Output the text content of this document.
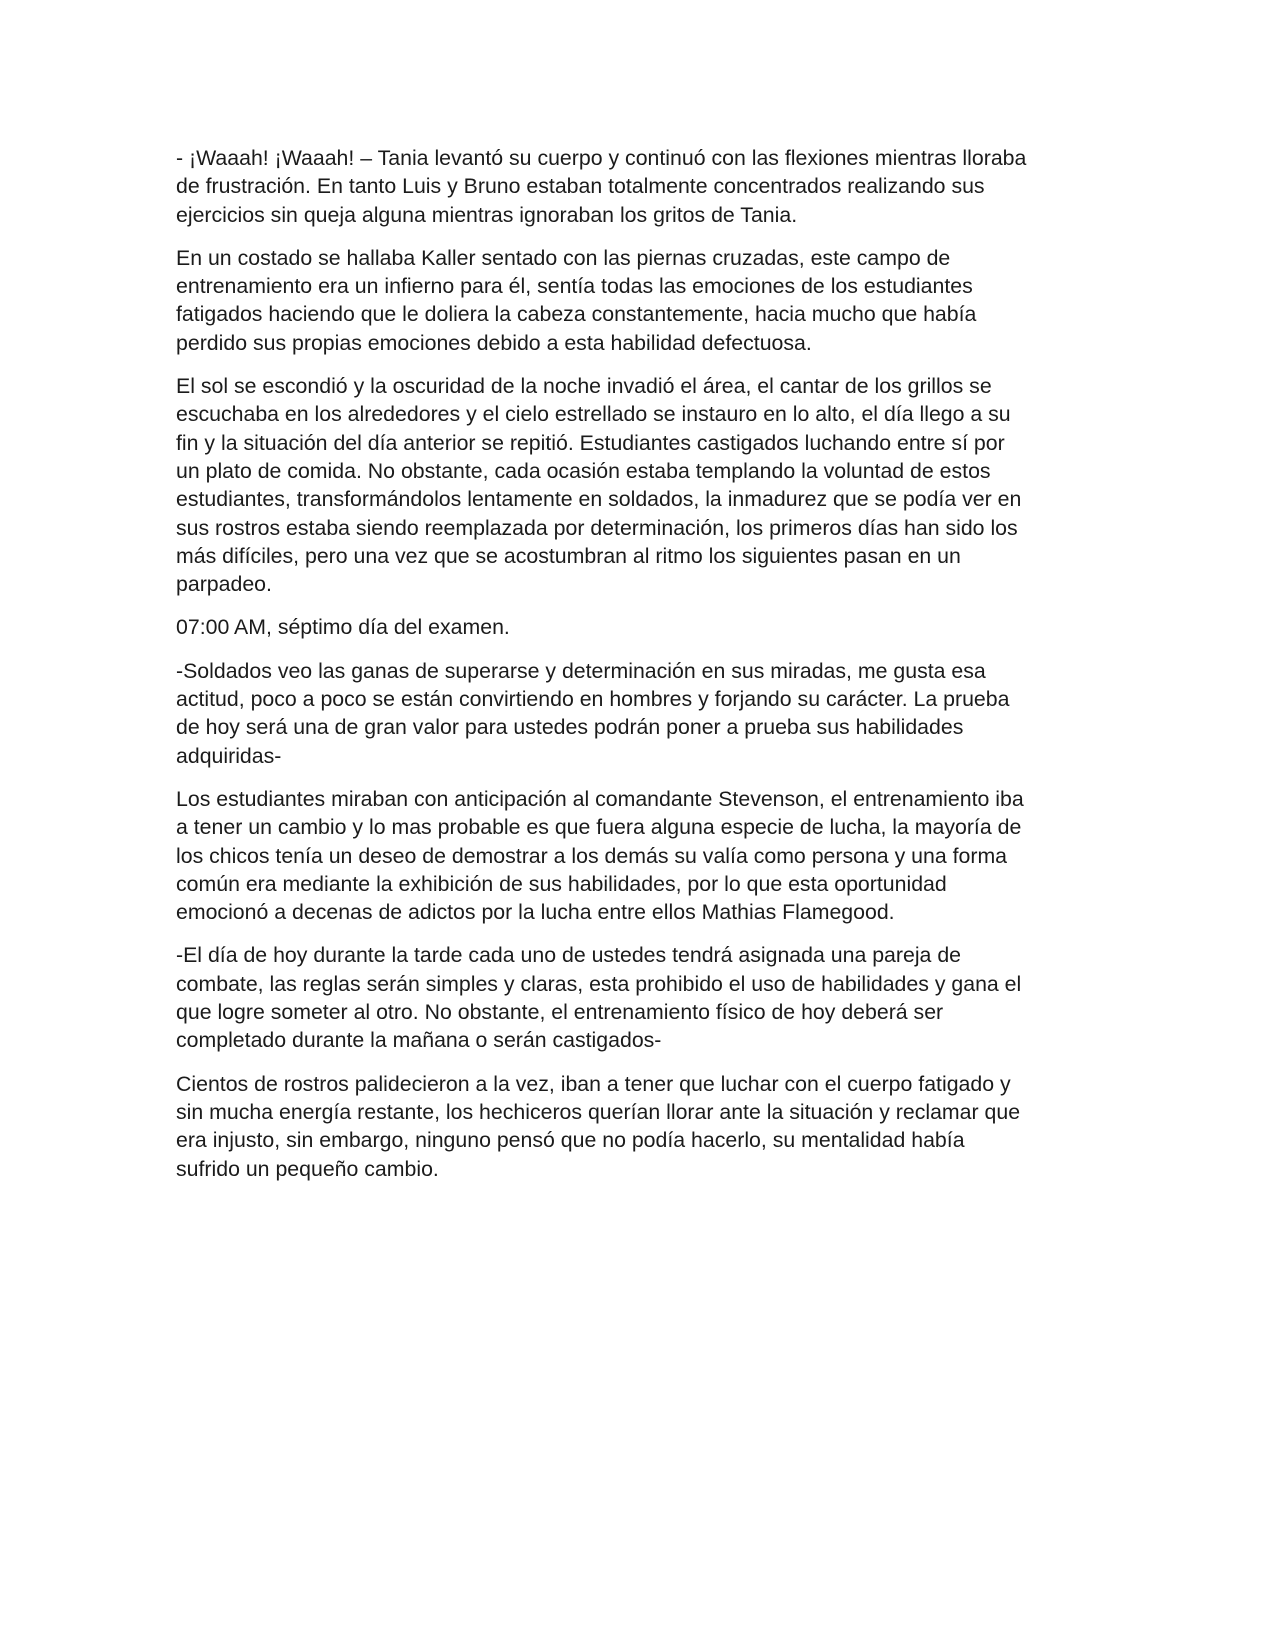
- ¡Waaah! ¡Waaah! – Tania levantó su cuerpo y continuó con las flexiones mientras lloraba
de frustración. En tanto Luis y Bruno estaban totalmente concentrados realizando sus
ejercicios sin queja alguna mientras ignoraban los gritos de Tania.

En un costado se hallaba Kaller sentado con las piernas cruzadas, este campo de
entrenamiento era un infierno para él, sentía todas las emociones de los estudiantes
fatigados haciendo que le doliera la cabeza constantemente, hacia mucho que había
perdido sus propias emociones debido a esta habilidad defectuosa.

El sol se escondió y la oscuridad de la noche invadió el área, el cantar de los grillos se
escuchaba en los alrededores y el cielo estrellado se instauro en lo alto, el día llego a su
fin y la situación del día anterior se repitió. Estudiantes castigados luchando entre sí por
un plato de comida. No obstante, cada ocasión estaba templando la voluntad de estos
estudiantes, transformándolos lentamente en soldados, la inmadurez que se podía ver en
sus rostros estaba siendo reemplazada por determinación, los primeros días han sido los
más difíciles, pero una vez que se acostumbran al ritmo los siguientes pasan en un
parpadeo.

07:00 AM, séptimo día del examen.

-Soldados veo las ganas de superarse y determinación en sus miradas, me gusta esa
actitud, poco a poco se están convirtiendo en hombres y forjando su carácter. La prueba
de hoy será una de gran valor para ustedes podrán poner a prueba sus habilidades
adquiridas-

Los estudiantes miraban con anticipación al comandante Stevenson, el entrenamiento iba
a tener un cambio y lo mas probable es que fuera alguna especie de lucha, la mayoría de
los chicos tenía un deseo de demostrar a los demás su valía como persona y una forma
común era mediante la exhibición de sus habilidades, por lo que esta oportunidad
emocionó a decenas de adictos por la lucha entre ellos Mathias Flamegood.

-El día de hoy durante la tarde cada uno de ustedes tendrá asignada una pareja de
combate, las reglas serán simples y claras, esta prohibido el uso de habilidades y gana el
que logre someter al otro. No obstante, el entrenamiento físico de hoy deberá ser
completado durante la mañana o serán castigados-

Cientos de rostros palidecieron a la vez, iban a tener que luchar con el cuerpo fatigado y
sin mucha energía restante, los hechiceros querían llorar ante la situación y reclamar que
era injusto, sin embargo, ninguno pensó que no podía hacerlo, su mentalidad había
sufrido un pequeño cambio.
